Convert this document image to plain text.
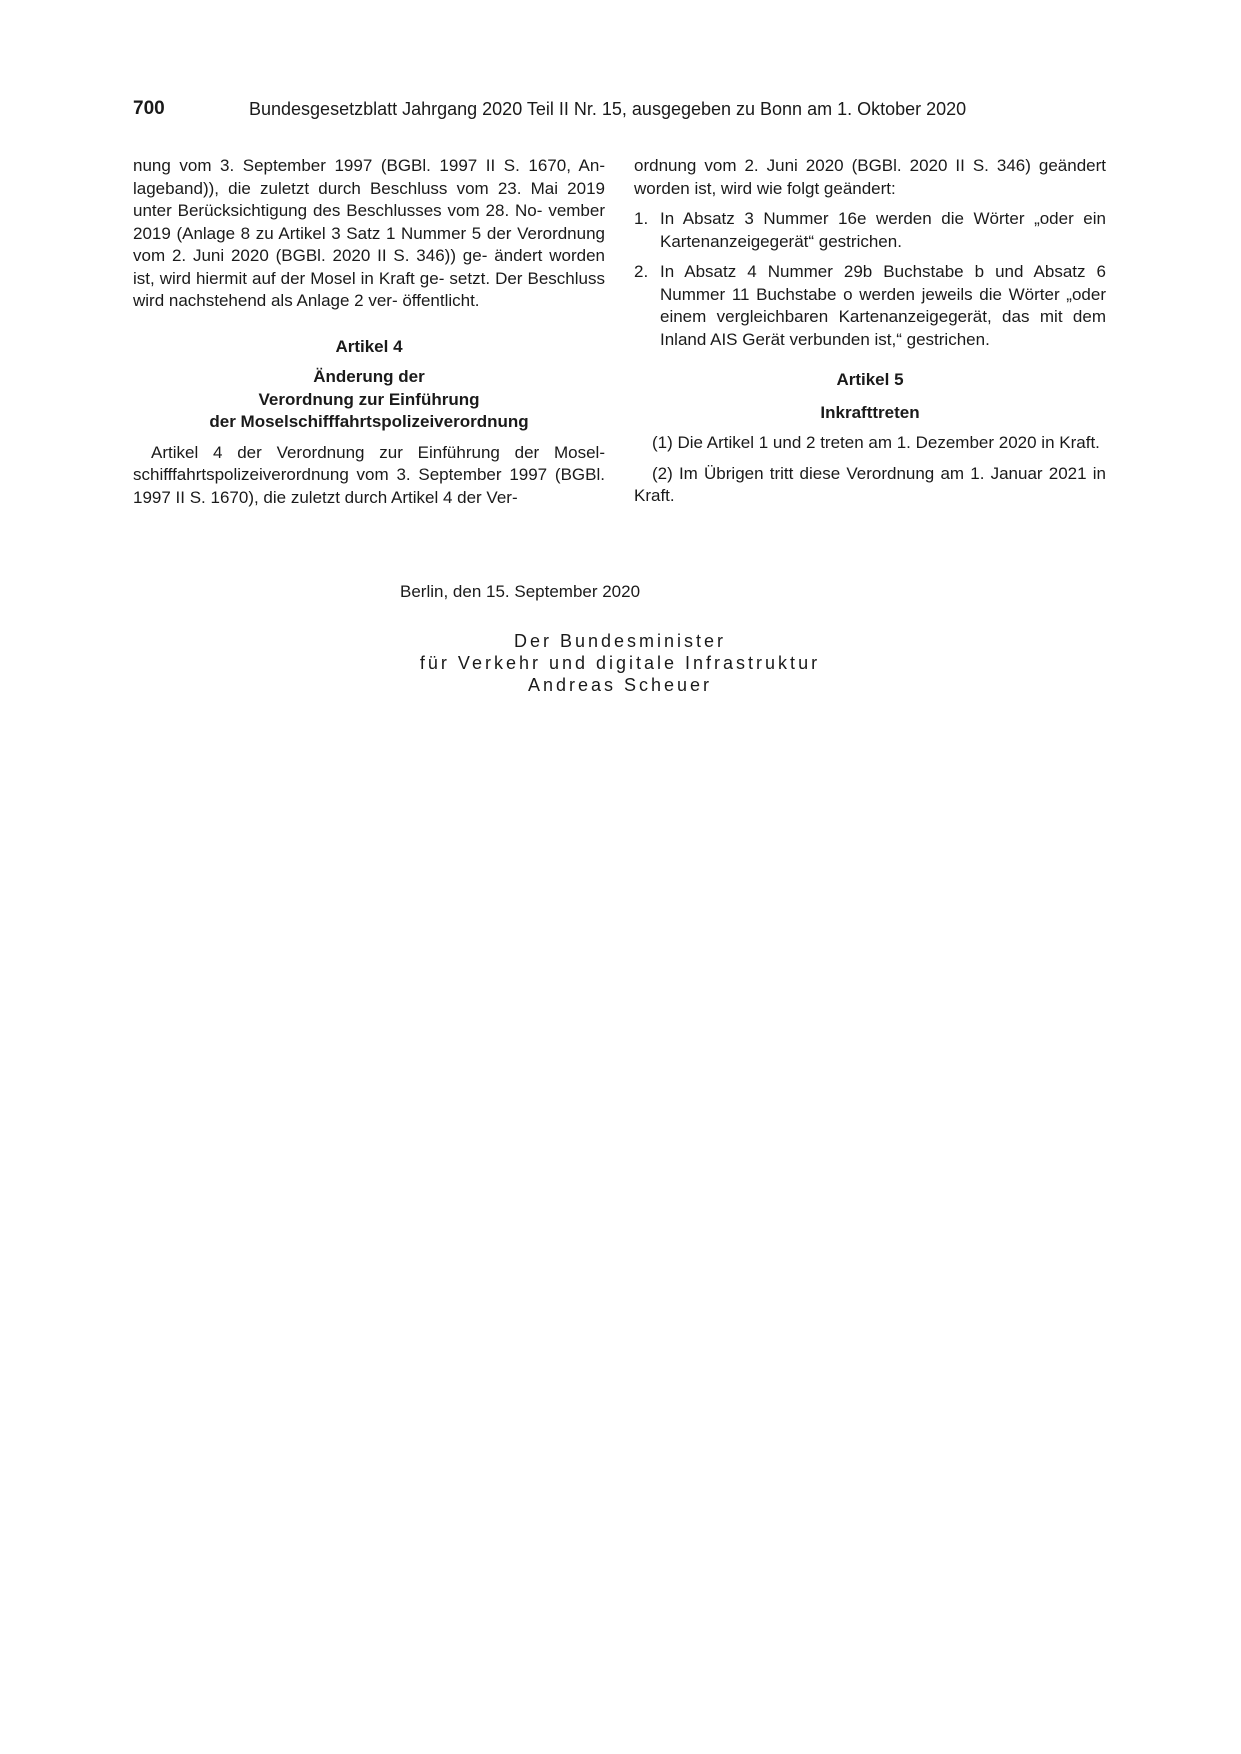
700	Bundesgesetzblatt Jahrgang 2020 Teil II Nr. 15, ausgegeben zu Bonn am 1. Oktober 2020

nung vom 3. September 1997 (BGBl. 1997 II S. 1670, An- lageband)), die zuletzt durch Beschluss vom 23. Mai 2019 unter Berücksichtigung des Beschlusses vom 28. No- vember 2019 (Anlage 8 zu Artikel 3 Satz 1 Nummer 5 der Verordnung vom 2. Juni 2020 (BGBl. 2020 II S. 346)) ge- ändert worden ist, wird hiermit auf der Mosel in Kraft ge- setzt. Der Beschluss wird nachstehend als Anlage 2 ver- öffentlicht.

Artikel 4

Änderung der
Verordnung zur Einführung
der Moselschifffahrtspolizeiverordnung

Artikel 4 der Verordnung zur Einführung der Mosel- schifffahrtspolizeiverordnung vom 3. September 1997 (BGBl. 1997 II S. 1670), die zuletzt durch Artikel 4 der Ver-

ordnung vom 2. Juni 2020 (BGBl. 2020 II S. 346) geändert worden ist, wird wie folgt geändert:

1. In Absatz 3 Nummer 16e werden die Wörter „oder ein Kartenanzeigegerät“ gestrichen.
2. In Absatz 4 Nummer 29b Buchstabe b und Absatz 6 Nummer 11 Buchstabe o werden jeweils die Wörter „oder einem vergleichbaren Kartenanzeigegerät, das mit dem Inland AIS Gerät verbunden ist,“ gestrichen.

Artikel 5

Inkrafttreten

(1) Die Artikel 1 und 2 treten am 1. Dezember 2020 in Kraft.

(2) Im Übrigen tritt diese Verordnung am 1. Januar 2021 in Kraft.

Berlin, den 15. September 2020
Der Bundesminister
für Verkehr und digitale Infrastruktur
Andreas Scheuer
